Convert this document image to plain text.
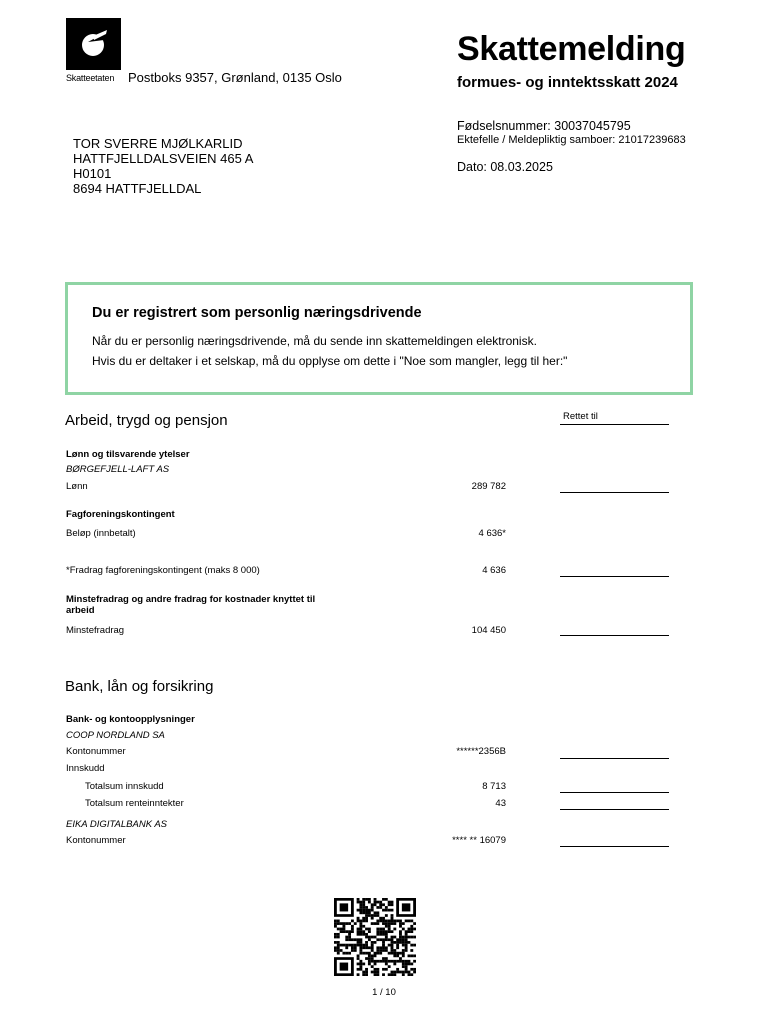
Skatteetaten Postboks 9357, Grønland, 0135 Oslo
Skattemelding
formues- og inntektsskatt 2024
Fødselsnummer: 30037045795
Ektefelle / Meldepliktig samboer: 21017239683
Dato: 08.03.2025
TOR SVERRE MJØLKARLID
HATTFJELLDALSVEIEN 465 A
H0101
8694 HATTFJELLDAL
Du er registrert som personlig næringsdrivende
Når du er personlig næringsdrivende, må du sende inn skattemeldingen elektronisk.
Hvis du er deltaker i et selskap, må du opplyse om dette i "Noe som mangler, legg til her:"
Arbeid, trygd og pensjon	Rettet til
Lønn og tilsvarende ytelser
BØRGEFJELL-LAFT AS
Lønn	289 782
Fagforeningskontingent
Beløp (innbetalt)	4 636*
*Fradrag fagforeningskontingent (maks 8 000)	4 636
Minstefradrag og andre fradrag for kostnader knyttet til
arbeid
Minstefradrag	104 450
Bank, lån og forsikring
Bank- og kontoopplysninger
COOP NORDLAND SA
Kontonummer	******2356B
Innskudd
Totalsum innskudd	8 713
Totalsum renteinntekter	43
EIKA DIGITALBANK AS
Kontonummer	**** ** 16079
1 / 10
